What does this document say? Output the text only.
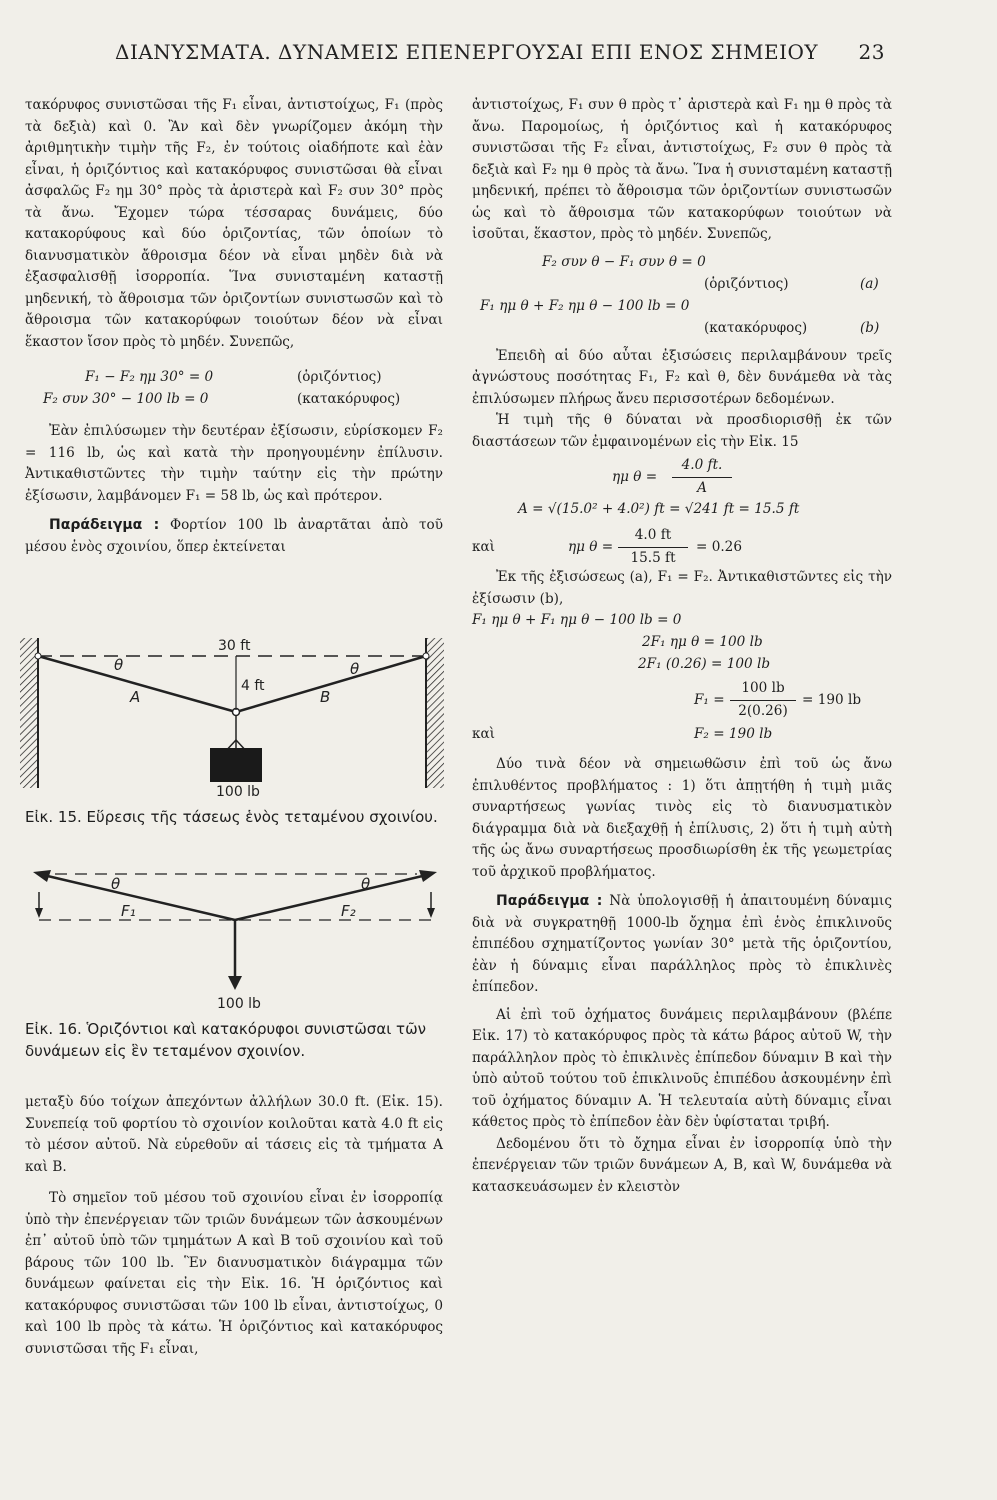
ΔΙΑΝΥΣΜΑΤΑ. ΔΥΝΑΜΕΙΣ ΕΠΕΝΕΡΓΟΥΣΑΙ ΕΠΙ ΕΝΟΣ ΣΗΜΕΙΟΥ 23

τακόρυφος συνιστῶσαι τῆς F₁ εἶναι, ἀντιστοίχως, F₁ (πρὸς τὰ δεξιὰ) καὶ 0. Ἂν καὶ δὲν γνωρίζομεν ἀκόμη τὴν ἀριθμητικὴν τιμὴν τῆς F₂, ἐν τούτοις οἱαδήποτε καὶ ἐὰν εἶναι, ἡ ὁριζόντιος καὶ κατακόρυφος συνιστῶσαι θὰ εἶναι ἀσφαλῶς F₂ ημ 30° πρὸς τὰ ἀριστερὰ καὶ F₂ συν 30° πρὸς τὰ ἄνω. Ἔχομεν τώρα τέσσαρας δυνάμεις, δύο κατακορύφους καὶ δύο ὁριζοντίας, τῶν ὁποίων τὸ διανυσματικὸν ἄθροισμα δέον νὰ εἶναι μηδὲν διὰ νὰ ἐξασφαλισθῇ ἰσορροπία. Ἵνα συνισταμένη καταστῇ μηδενική, τὸ ἄθροισμα τῶν ὁριζοντίων συνιστωσῶν καὶ τὸ ἄθροισμα τῶν κατακορύφων τοιούτων δέον νὰ εἶναι ἕκαστον ἴσον πρὸς τὸ μηδέν. Συνεπῶς,

F₁ − F₂ ημ 30° = 0	(ὁριζόντιος)
F₂ συν 30° − 100 lb = 0	(κατακόρυφος)

Ἐὰν ἐπιλύσωμεν τὴν δευτέραν ἐξίσωσιν, εὑρίσκομεν F₂ = 116 lb, ὡς καὶ κατὰ τὴν προηγουμένην ἐπίλυσιν. Ἀντικαθιστῶντες τὴν τιμὴν ταύτην εἰς τὴν πρώτην ἐξίσωσιν, λαμβάνομεν F₁ = 58 lb, ὡς καὶ πρότερον.

Παράδειγμα : Φορτίον 100 lb ἀναρτᾶται ἀπὸ τοῦ μέσου ἑνὸς σχοινίου, ὅπερ ἐκτείνεται

30 ft
4 ft
θ	θ
A	B
100 lb
Εἰκ. 15. Εὕρεσις τῆς τάσεως ἑνὸς τεταμένου σχοινίου.
θ	θ
F₁	F₂
100 lb
Εἰκ. 16. Ὁριζόντιοι καὶ κατακόρυφοι συνιστῶσαι τῶν δυνάμεων εἰς ἓν τεταμένον σχοινίον.

μεταξὺ δύο τοίχων ἀπεχόντων ἀλλήλων 30.0 ft. (Εἰκ. 15). Συνεπείᾳ τοῦ φορτίου τὸ σχοινίον κοιλοῦται κατὰ 4.0 ft εἰς τὸ μέσον αὐτοῦ. Νὰ εὑρεθοῦν αἱ τάσεις εἰς τὰ τμήματα A καὶ B.

Τὸ σημεῖον τοῦ μέσου τοῦ σχοινίου εἶναι ἐν ἰσορροπίᾳ ὑπὸ τὴν ἐπενέργειαν τῶν τριῶν δυνάμεων τῶν ἀσκουμένων ἐπ᾽ αὐτοῦ ὑπὸ τῶν τμημάτων A καὶ B τοῦ σχοινίου καὶ τοῦ βάρους τῶν 100 lb. Ἓν διανυσματικὸν διάγραμμα τῶν δυνάμεων φαίνεται εἰς τὴν Εἰκ. 16. Ἡ ὁριζόντιος καὶ κατακόρυφος συνιστῶσαι τῶν 100 lb εἶναι, ἀντιστοίχως, 0 καὶ 100 lb πρὸς τὰ κάτω. Ἡ ὁριζόντιος καὶ κατακόρυφος συνιστῶσαι τῆς F₁ εἶναι,

ἀντιστοίχως, F₁ συν θ πρὸς τ᾽ ἀριστερὰ καὶ F₁ ημ θ πρὸς τὰ ἄνω. Παρομοίως, ἡ ὁριζόντιος καὶ ἡ κατακόρυφος συνιστῶσαι τῆς F₂ εἶναι, ἀντιστοίχως, F₂ συν θ πρὸς τὰ δεξιὰ καὶ F₂ ημ θ πρὸς τὰ ἄνω. Ἵνα ἡ συνισταμένη καταστῇ μηδενική, πρέπει τὸ ἄθροισμα τῶν ὁριζοντίων συνιστωσῶν ὡς καὶ τὸ ἄθροισμα τῶν κατακορύφων τοιούτων νὰ ἰσοῦται, ἕκαστον, πρὸς τὸ μηδέν. Συνεπῶς,

F₂ συν θ − F₁ συν θ = 0
(ὁριζόντιος)	(a)
F₁ ημ θ + F₂ ημ θ − 100 lb = 0
(κατακόρυφος)	(b)

Ἐπειδὴ αἱ δύο αὗται ἐξισώσεις περιλαμβάνουν τρεῖς ἀγνώστους ποσότητας F₁, F₂ καὶ θ, δὲν δυνάμεθα νὰ τὰς ἐπιλύσωμεν πλήρως ἄνευ περισσοτέρων δεδομένων.

Ἡ τιμὴ τῆς θ δύναται νὰ προσδιορισθῇ ἐκ τῶν διαστάσεων τῶν ἐμφαινομένων εἰς τὴν Εἰκ. 15

ημ $\theta = \frac{4.0 ft.}{A}$
A = √(15.0² + 4.0²) ft = √241 ft = 15.5 ft
καὶ	ημ $\theta = \frac{4.0 ft}{15.5 ft} = 0.26$

Ἐκ τῆς ἐξισώσεως (a), F₁ = F₂. Ἀντικαθιστῶντες εἰς τὴν ἐξίσωσιν (b),

F₁ ημ θ + F₁ ημ θ − 100 lb = 0
2F₁ ημ θ = 100 lb
2F₁ (0.26) = 100 lb
$F_1 = \frac{100 lb}{2(0.26)} = 190$ lb
καὶ	F₂ = 190 lb

Δύο τινὰ δέον νὰ σημειωθῶσιν ἐπὶ τοῦ ὡς ἄνω ἐπιλυθέντος προβλήματος : 1) ὅτι ἀπῃτήθη ἡ τιμὴ μιᾶς συναρτήσεως γωνίας τινὸς εἰς τὸ διανυσματικὸν διάγραμμα διὰ νὰ διεξαχθῇ ἡ ἐπίλυσις, 2) ὅτι ἡ τιμὴ αὐτὴ τῆς ὡς ἄνω συναρτήσεως προσδιωρίσθη ἐκ τῆς γεωμετρίας τοῦ ἀρχικοῦ προβλήματος.

Παράδειγμα : Νὰ ὑπολογισθῇ ἡ ἀπαιτουμένη δύναμις διὰ νὰ συγκρατηθῇ 1000-lb ὄχημα ἐπὶ ἑνὸς ἐπικλινοῦς ἐπιπέδου σχηματίζοντος γωνίαν 30° μετὰ τῆς ὁριζοντίου, ἐὰν ἡ δύναμις εἶναι παράλληλος πρὸς τὸ ἐπικλινὲς ἐπίπεδον.

Αἱ ἐπὶ τοῦ ὀχήματος δυνάμεις περιλαμβάνουν (βλέπε Εἰκ. 17) τὸ κατακόρυφος πρὸς τὰ κάτω βάρος αὐτοῦ W, τὴν παράλληλον πρὸς τὸ ἐπικλινὲς ἐπίπεδον δύναμιν B καὶ τὴν ὑπὸ αὐτοῦ τούτου τοῦ ἐπικλινοῦς ἐπιπέδου ἀσκουμένην ἐπὶ τοῦ ὀχήματος δύναμιν A. Ἡ τελευταία αὐτὴ δύναμις εἶναι κάθετος πρὸς τὸ ἐπίπεδον ἐὰν δὲν ὑφίσταται τριβή.

Δεδομένου ὅτι τὸ ὄχημα εἶναι ἐν ἰσορροπίᾳ ὑπὸ τὴν ἐπενέργειαν τῶν τριῶν δυνάμεων A, B, καὶ W, δυνάμεθα νὰ κατασκευάσωμεν ἐν κλειστὸν
